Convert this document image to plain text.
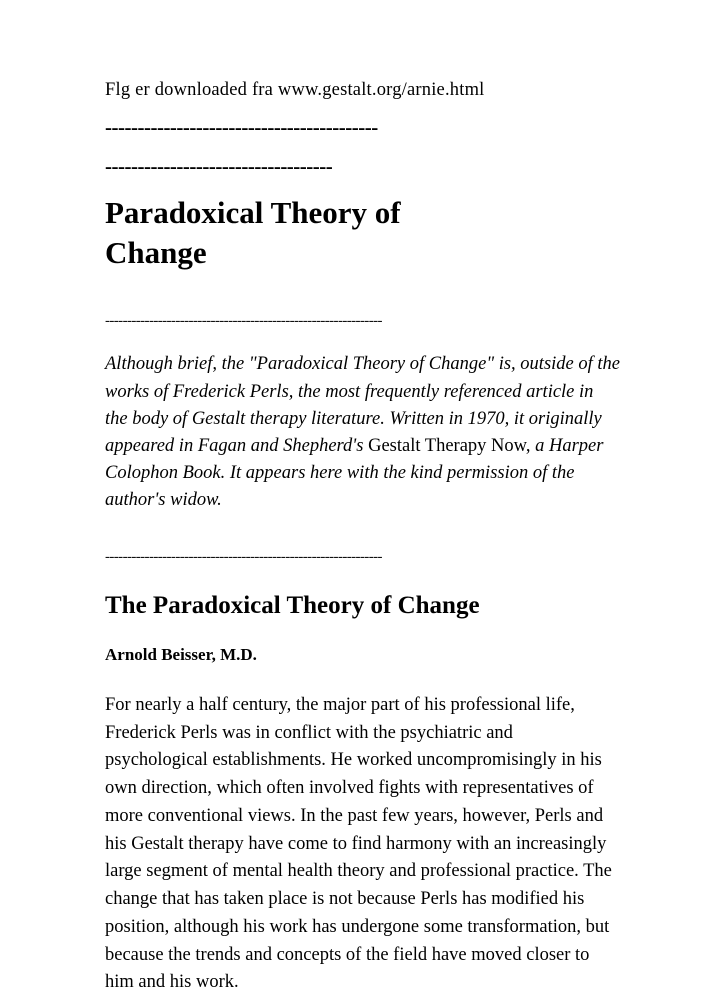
Flg er downloaded fra www.gestalt.org/arnie.html

------------------------------------------

-----------------------------------

Paradoxical Theory of Change

---------------------------------------------------------------

Although brief, the "Paradoxical Theory of Change" is, outside of the works of Frederick Perls, the most frequently referenced article in the body of Gestalt therapy literature. Written in 1970, it originally appeared in Fagan and Shepherd's Gestalt Therapy Now, a Harper Colophon Book. It appears here with the kind permission of the author's widow.

---------------------------------------------------------------

The Paradoxical Theory of Change

Arnold Beisser, M.D.

For nearly a half century, the major part of his professional life, Frederick Perls was in conflict with the psychiatric and psychological establishments. He worked uncompromisingly in his own direction, which often involved fights with representatives of more conventional views. In the past few years, however, Perls and his Gestalt therapy have come to find harmony with an increasingly large segment of mental health theory and professional practice. The change that has taken place is not because Perls has modified his position, although his work has undergone some transformation, but because the trends and concepts of the field have moved closer to him and his work.
